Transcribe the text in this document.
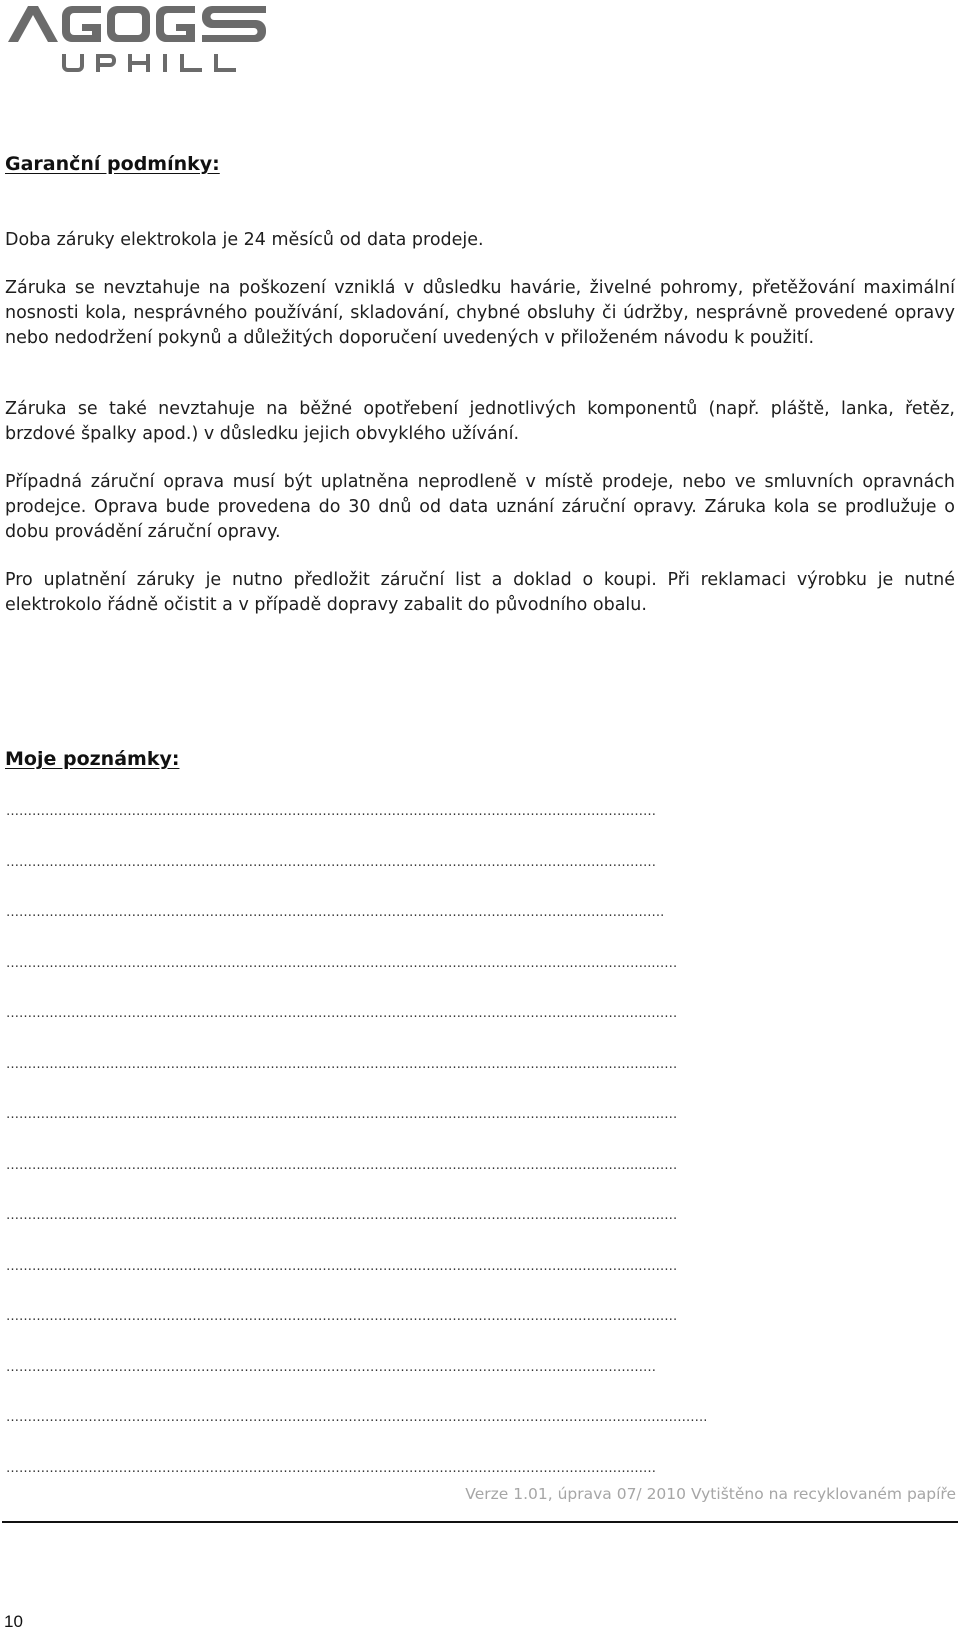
Garanční podmínky:

Doba záruky elektrokola je 24 měsíců od data prodeje.

Záruka se nevztahuje na poškození vzniklá v důsledku havárie, živelné pohromy, přetěžování maximální nosnosti kola, nesprávného používání, skladování, chybné obsluhy či údržby, nesprávně provedené opravy nebo nedodržení pokynů a důležitých doporučení uvedených v přiloženém návodu k použití.

Záruka se také nevztahuje na běžné opotřebení jednotlivých komponentů (např. pláště, lanka, řetěz, brzdové špalky apod.) v důsledku jejich obvyklého užívání.

Případná záruční oprava musí být uplatněna neprodleně v místě prodeje, nebo ve smluvních opravnách prodejce. Oprava bude provedena do 30 dnů od data uznání záruční opravy. Záruka kola se prodlužuje o dobu provádění záruční opravy.

Pro uplatnění záruky je nutno předložit záruční list a doklad o koupi. Při reklamaci výrobku je nutné elektrokolo řádně očistit a v případě dopravy zabalit do původního obalu.

Moje poznámky:
……………………………………………………………………………………………………………………………………
……………………………………………………………………………………………………………………………………
…………………………………………………………………………………………………………………………….……….
…………………………………………………………………………………………………………………………………..……
……………………………………………………………………………………………………………………………..…………
…………………………………………………………………………………………………………………………………..……
…………………………………………………………………………………………………………………………………..……
………………………………………………………………………………………………………………………………..………
………………………………………………………………………………………………………………………………..………
………………………………………………………………………………………………………………………………..………
………………………………………………………………………………………………………………………………..………
……………………………………………………………………………………………………………………………………
……………………………………………………………………………………………………..……………………………………….
……………………………………………………………………………………………………………………………………

Verze 1.01, úprava 07/ 2010 Vytištěno na recyklovaném papíře

10
